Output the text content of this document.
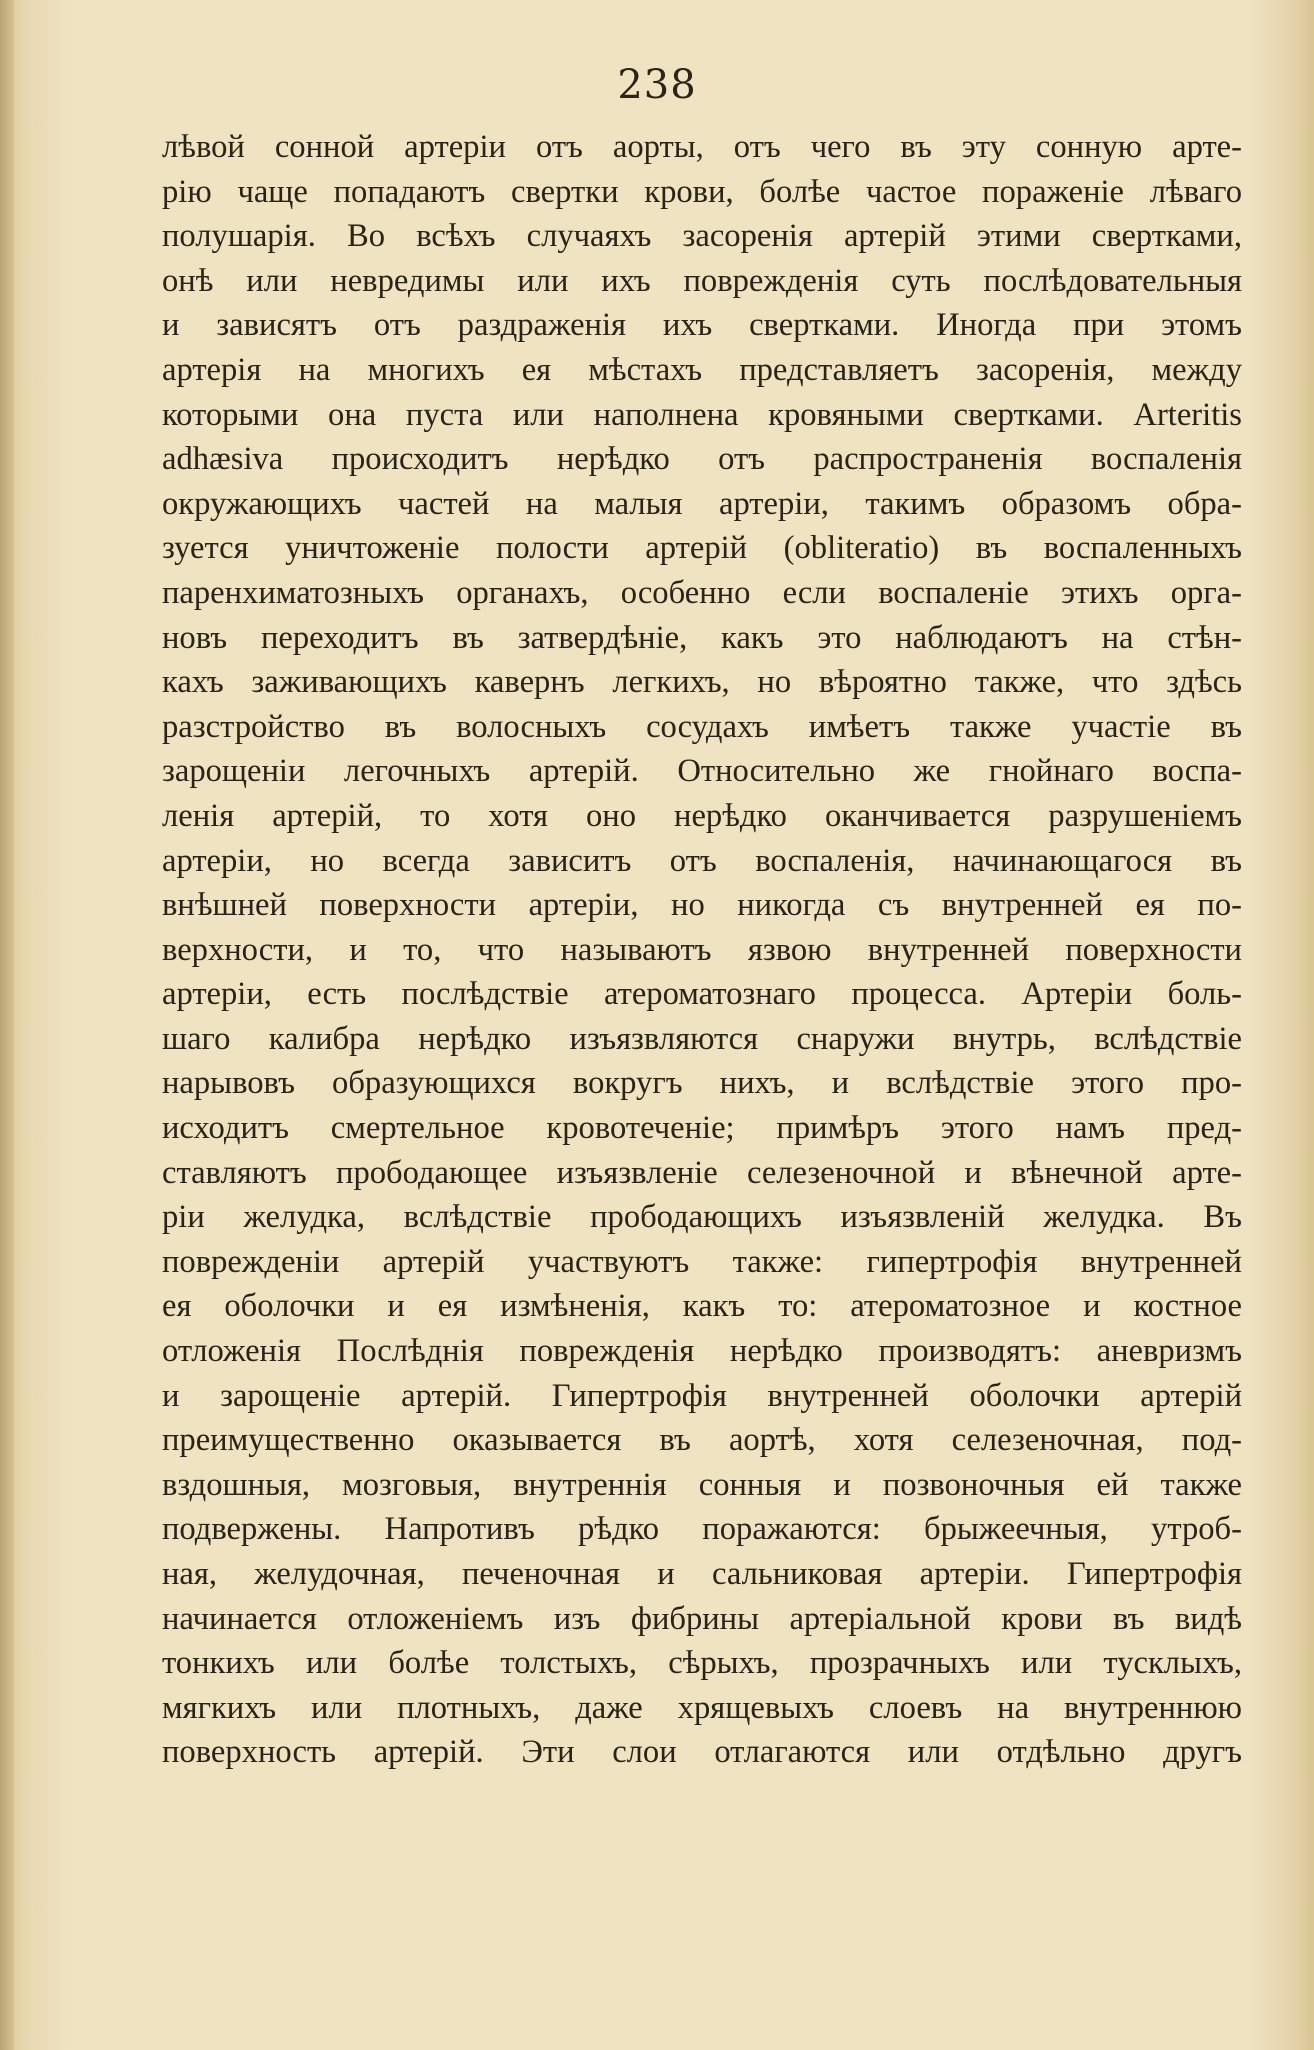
238
лѣвой сонной артеріи отъ аорты, отъ чего въ эту сонную арте-
рію чаще попадаютъ свертки крови, болѣе частое пораженіе лѣваго
полушарія. Во всѣхъ случаяхъ засоренія артерій этими свертками,
онѣ или невредимы или ихъ поврежденія суть послѣдовательныя
и зависятъ отъ раздраженія ихъ свертками. Иногда при этомъ
артерія на многихъ ея мѣстахъ представляетъ засоренія, между
которыми она пуста или наполнена кровяными свертками. Arteritis
adhæsiva происходитъ нерѣдко отъ распространенія воспаленія
окружающихъ частей на малыя артеріи, такимъ образомъ обра-
зуется уничтоженіе полости артерій (obliteratio) въ воспаленныхъ
паренхиматозныхъ органахъ, особенно если воспаленіе этихъ орга-
новъ переходитъ въ затвердѣніе, какъ это наблюдаютъ на стѣн-
кахъ заживающихъ кавернъ легкихъ, но вѣроятно также, что здѣсь
разстройство въ волосныхъ сосудахъ имѣетъ также участіе въ
зарощеніи легочныхъ артерій. Относительно же гнойнаго воспа-
ленія артерій, то хотя оно нерѣдко оканчивается разрушеніемъ
артеріи, но всегда зависитъ отъ воспаленія, начинающагося въ
внѣшней поверхности артеріи, но никогда съ внутренней ея по-
верхности, и то, что называютъ язвою внутренней поверхности
артеріи, есть послѣдствіе атероматознаго процесса. Артеріи боль-
шаго калибра нерѣдко изъязвляются снаружи внутрь, вслѣдствіе
нарывовъ образующихся вокругъ нихъ, и вслѣдствіе этого про-
исходитъ смертельное кровотеченіе; примѣръ этого намъ пред-
ставляютъ прободающее изъязвленіе селезеночной и вѣнечной арте-
ріи желудка, вслѣдствіе прободающихъ изъязвленій желудка. Въ
поврежденіи артерій участвуютъ также: гипертрофія внутренней
ея оболочки и ея измѣненія, какъ то: атероматозное и костное
отложенія Послѣднія поврежденія нерѣдко производятъ: аневризмъ
и зарощеніе артерій. Гипертрофія внутренней оболочки артерій
преимущественно оказывается въ аортѣ, хотя селезеночная, под-
вздошныя, мозговыя, внутреннія сонныя и позвоночныя ей также
подвержены. Напротивъ рѣдко поражаются: брыжеечныя, утроб-
ная, желудочная, печеночная и сальниковая артеріи. Гипертрофія
начинается отложеніемъ изъ фибрины артеріальной крови въ видѣ
тонкихъ или болѣе толстыхъ, сѣрыхъ, прозрачныхъ или тусклыхъ,
мягкихъ или плотныхъ, даже хрящевыхъ слоевъ на внутреннюю
поверхность артерій. Эти слои отлагаются или отдѣльно другъ
